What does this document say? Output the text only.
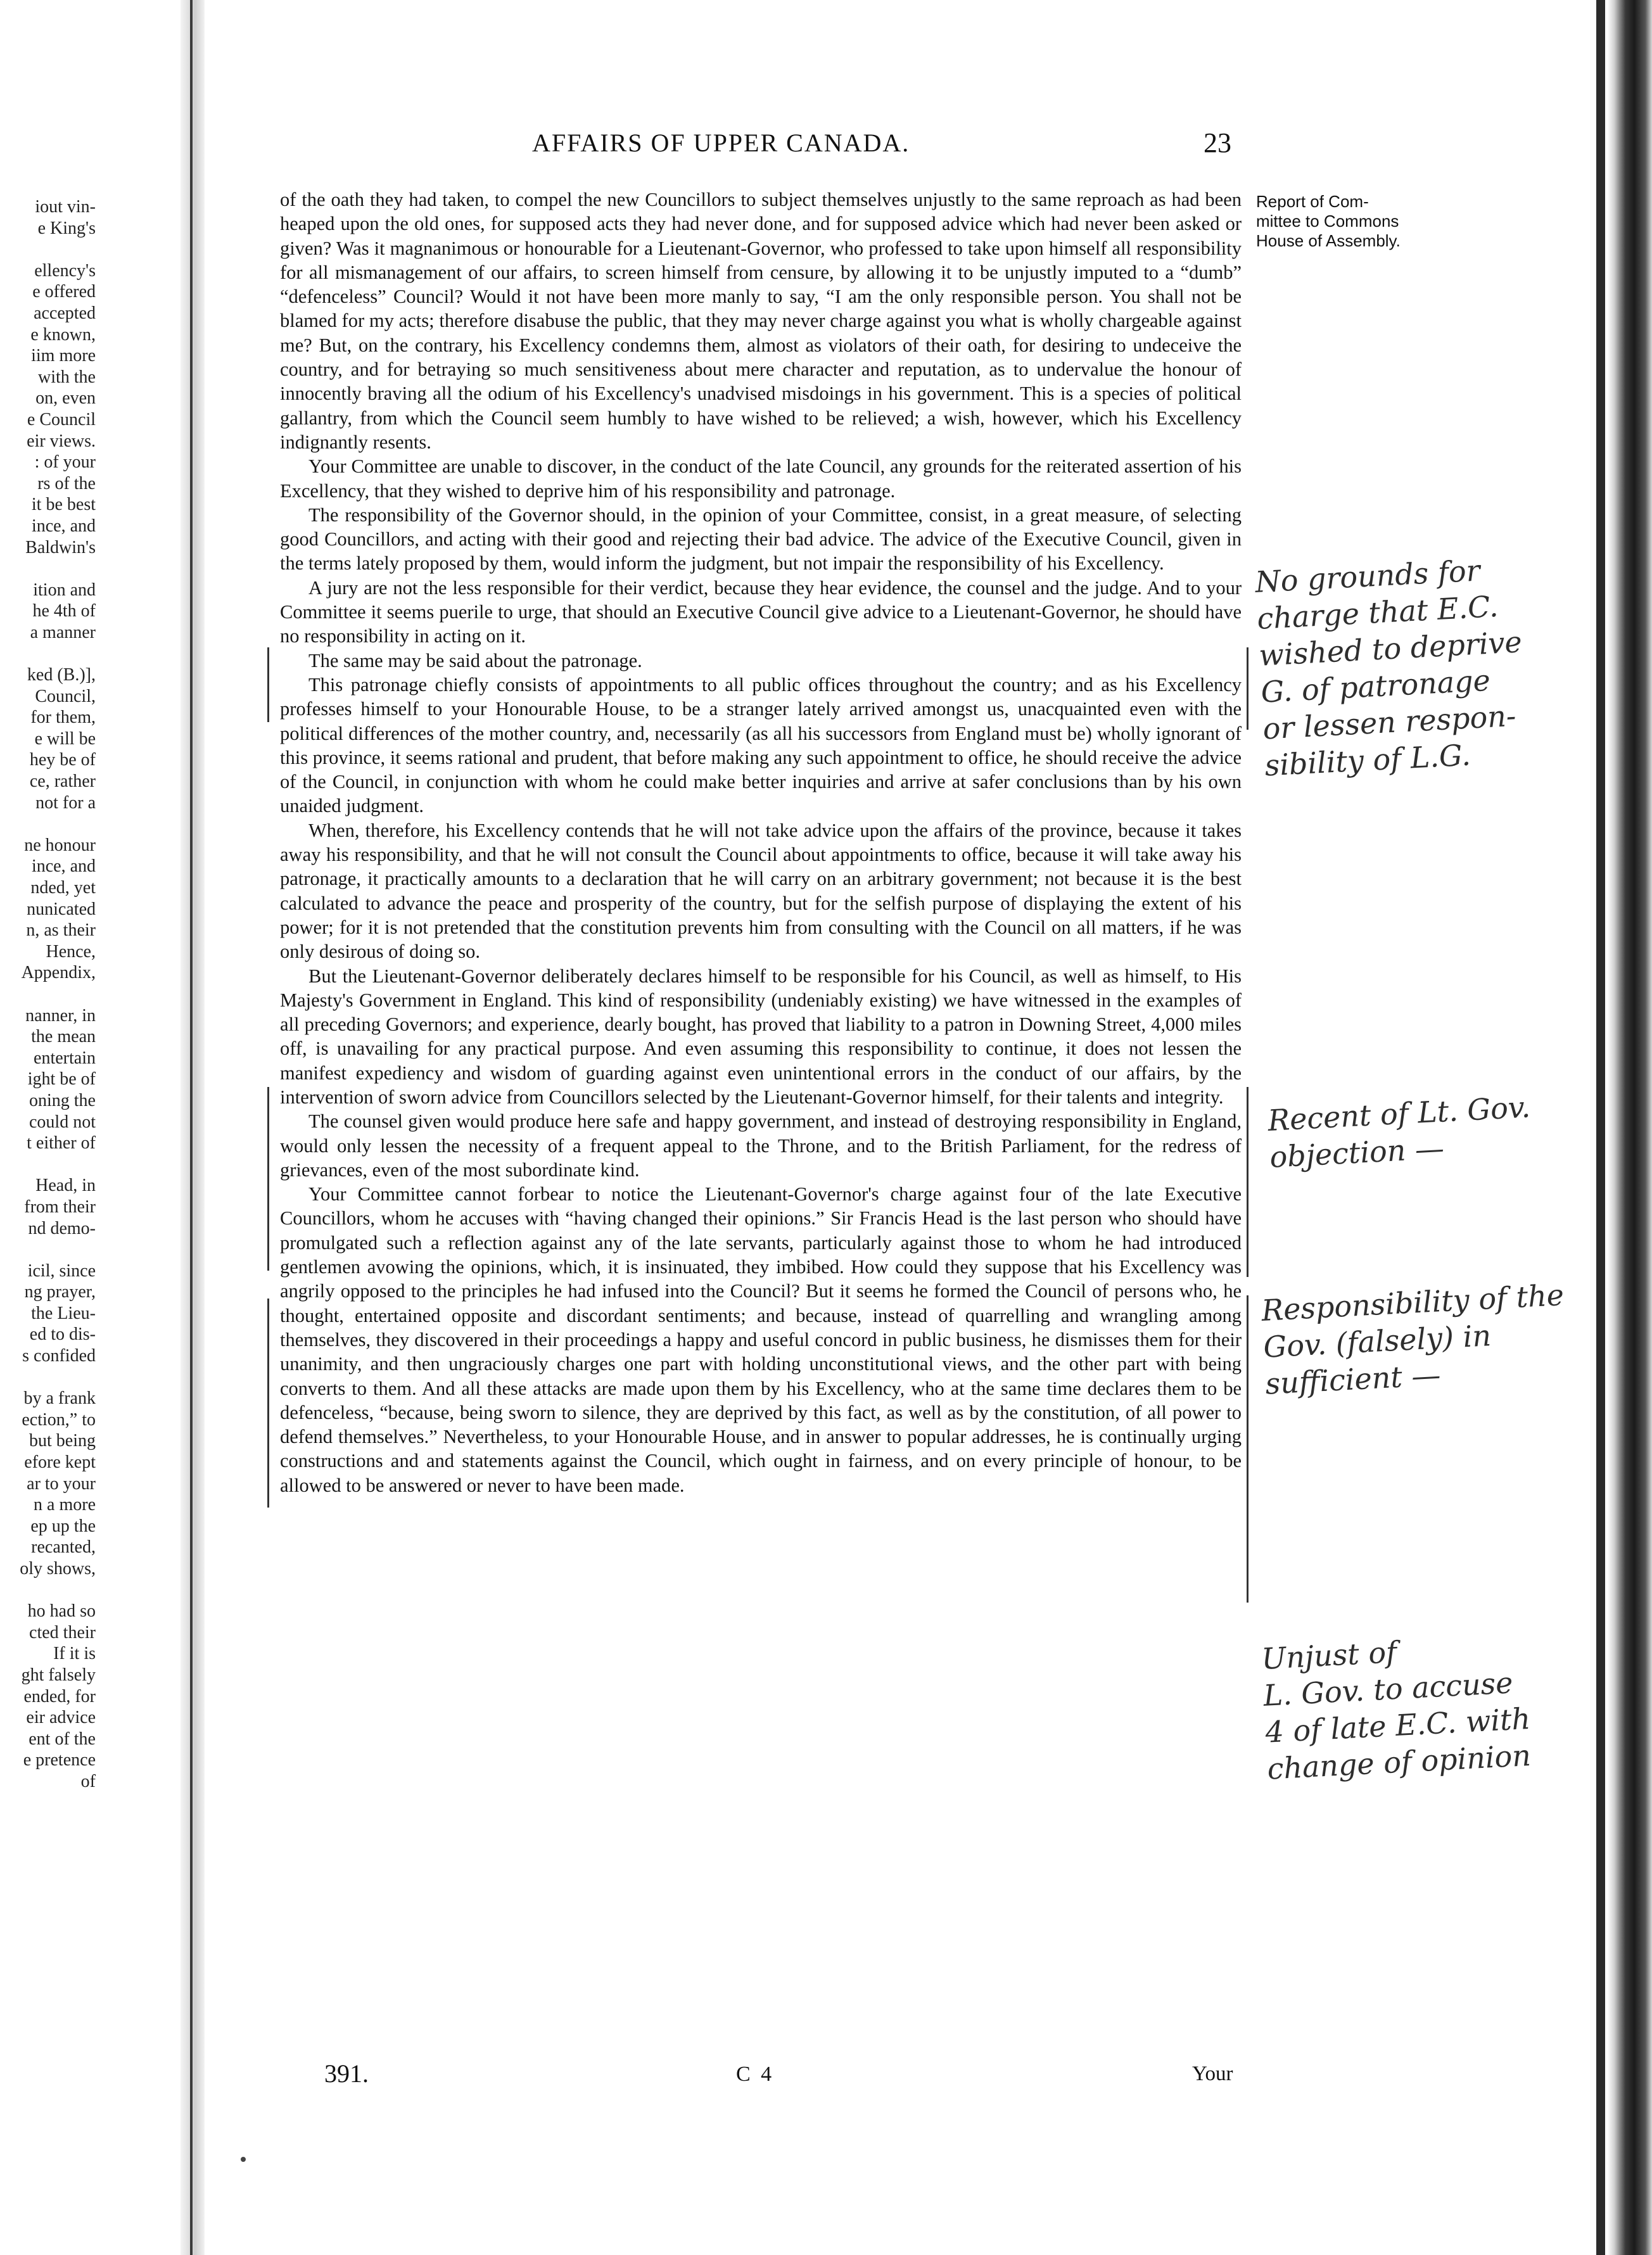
iout vin-
e King's
ellency's
e offered
accepted
e known,
iim more
with the
on, even
e Council
eir views.
: of your
rs of the
it be best
ince, and
Baldwin's
ition and
he 4th of
a manner
ked (B.)],
Council,
for them,
e will be
hey be of
ce, rather
not for a
ne honour
ince, and
nded, yet
nunicated
n, as their
Hence,
Appendix,
nanner, in
the mean
entertain
ight be of
oning the
could not
t either of
Head, in
from their
nd demo-
icil, since
ng prayer,
the Lieu-
ed to dis-
s confided
by a frank
ection,” to
but being
efore kept
ar to your
n a more
ep up the
recanted,
oly shows,
ho had so
cted their
If it is
ght falsely
ended, for
eir advice
ent of the
e pretence
of
AFFAIRS OF UPPER CANADA.	23
Report of Com-
mittee to Commons
House of Assembly.

of the oath they had taken, to compel the new Councillors to subject themselves unjustly to the same reproach as had been heaped upon the old ones, for supposed acts they had never done, and for supposed advice which had never been asked or given? Was it magnanimous or honourable for a Lieutenant-Governor, who professed to take upon himself all responsibility for all mismanagement of our affairs, to screen himself from censure, by allowing it to be unjustly imputed to a “dumb” “defenceless” Council? Would it not have been more manly to say, “I am the only responsible person. You shall not be blamed for my acts; therefore disabuse the public, that they may never charge against you what is wholly chargeable against me? But, on the contrary, his Excellency condemns them, almost as violators of their oath, for desiring to undeceive the country, and for betraying so much sensitiveness about mere character and reputation, as to undervalue the honour of innocently braving all the odium of his Excellency's unadvised misdoings in his government. This is a species of political gallantry, from which the Council seem humbly to have wished to be relieved; a wish, however, which his Excellency indignantly resents.

Your Committee are unable to discover, in the conduct of the late Council, any grounds for the reiterated assertion of his Excellency, that they wished to deprive him of his responsibility and patronage.

The responsibility of the Governor should, in the opinion of your Committee, consist, in a great measure, of selecting good Councillors, and acting with their good and rejecting their bad advice. The advice of the Executive Council, given in the terms lately proposed by them, would inform the judgment, but not impair the responsibility of his Excellency.

A jury are not the less responsible for their verdict, because they hear evidence, the counsel and the judge. And to your Committee it seems puerile to urge, that should an Executive Council give advice to a Lieutenant-Governor, he should have no responsibility in acting on it.

The same may be said about the patronage.

This patronage chiefly consists of appointments to all public offices throughout the country; and as his Excellency professes himself to your Honourable House, to be a stranger lately arrived amongst us, unacquainted even with the political differences of the mother country, and, necessarily (as all his successors from England must be) wholly ignorant of this province, it seems rational and prudent, that before making any such appointment to office, he should receive the advice of the Council, in conjunction with whom he could make better inquiries and arrive at safer conclusions than by his own unaided judgment.

When, therefore, his Excellency contends that he will not take advice upon the affairs of the province, because it takes away his responsibility, and that he will not consult the Council about appointments to office, because it will take away his patronage, it practically amounts to a declaration that he will carry on an arbitrary government; not because it is the best calculated to advance the peace and prosperity of the country, but for the selfish purpose of displaying the extent of his power; for it is not pretended that the constitution prevents him from consulting with the Council on all matters, if he was only desirous of doing so.

But the Lieutenant-Governor deliberately declares himself to be responsible for his Council, as well as himself, to His Majesty's Government in England. This kind of responsibility (undeniably existing) we have witnessed in the examples of all preceding Governors; and experience, dearly bought, has proved that liability to a patron in Downing Street, 4,000 miles off, is unavailing for any practical purpose. And even assuming this responsibility to continue, it does not lessen the manifest expediency and wisdom of guarding against even unintentional errors in the conduct of our affairs, by the intervention of sworn advice from Councillors selected by the Lieutenant-Governor himself, for their talents and integrity.

The counsel given would produce here safe and happy government, and instead of destroying responsibility in England, would only lessen the necessity of a frequent appeal to the Throne, and to the British Parliament, for the redress of grievances, even of the most subordinate kind.

Your Committee cannot forbear to notice the Lieutenant-Governor's charge against four of the late Executive Councillors, whom he accuses with “having changed their opinions.” Sir Francis Head is the last person who should have promulgated such a reflection against any of the late servants, particularly against those to whom he had introduced gentlemen avowing the opinions, which, it is insinuated, they imbibed. How could they suppose that his Excellency was angrily opposed to the principles he had infused into the Council? But it seems he formed the Council of persons who, he thought, entertained opposite and discordant sentiments; and because, instead of quarrelling and wrangling among themselves, they discovered in their proceedings a happy and useful concord in public business, he dismisses them for their unanimity, and then ungraciously charges one part with holding unconstitutional views, and the other part with being converts to them. And all these attacks are made upon them by his Excellency, who at the same time declares them to be defenceless, “because, being sworn to silence, they are deprived by this fact, as well as by the constitution, of all power to defend themselves.” Nevertheless, to your Honourable House, and in answer to popular addresses, he is continually urging constructions and and statements against the Council, which ought in fairness, and on every principle of honour, to be allowed to be answered or never to have been made.

No grounds for
charge that E.C.
wished to deprive
G. of patronage
or lessen respon-
sibility of L.G.
Recent of Lt. Gov.
objection —
Responsibility of the
Gov. (falsely) in
sufficient —
Unjust of
L. Gov. to accuse
4 of late E.C. with
change of opinion
391.	C 4	Your
